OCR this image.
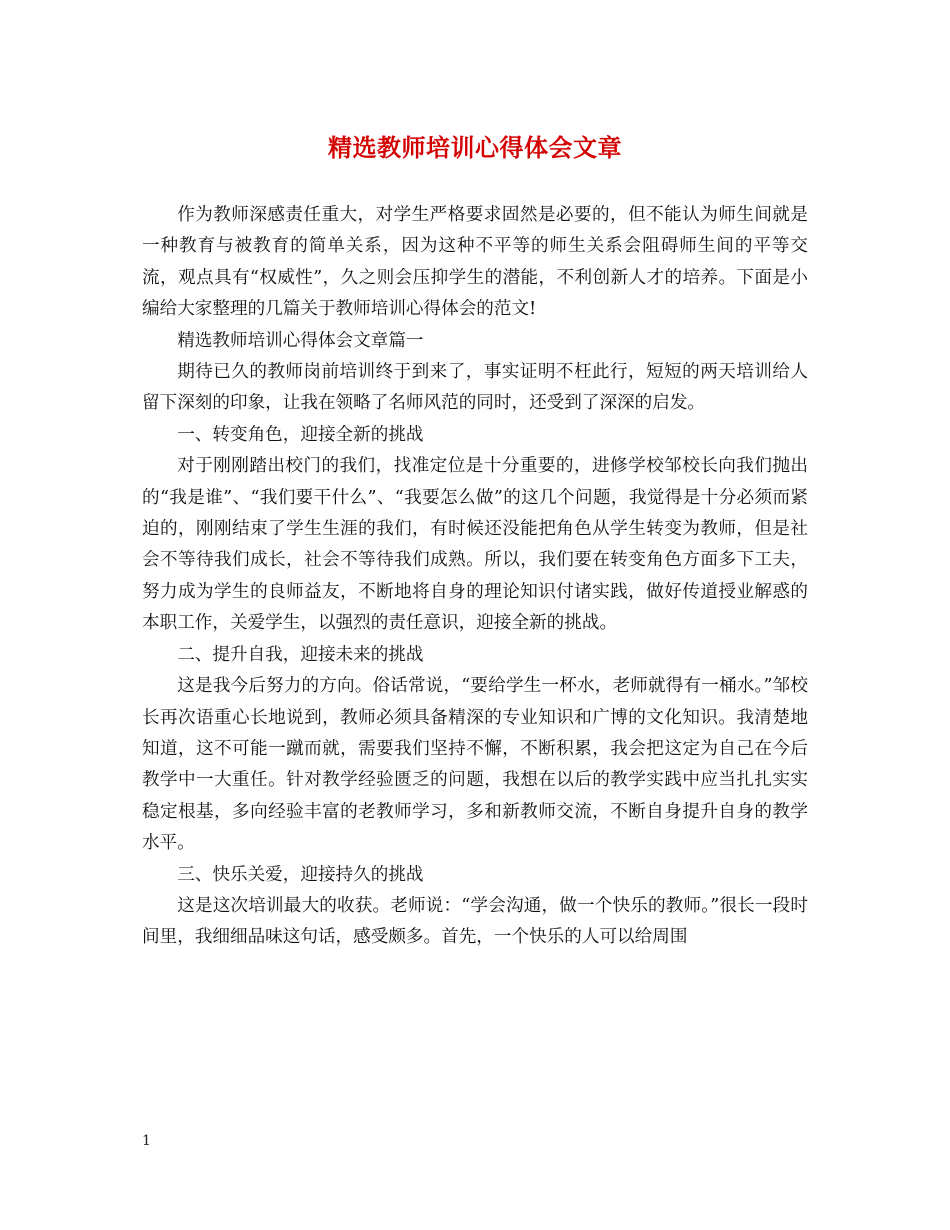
精选教师培训心得体会文章

作为教师深感责任重大，对学生严格要求固然是必要的，但不能认为师生间就是一种教育与被教育的简单关系，因为这种不平等的师生关系会阻碍师生间的平等交流，观点具有“权威性”，久之则会压抑学生的潜能，不利创新人才的培养。下面是小编给大家整理的几篇关于教师培训心得体会的范文!

精选教师培训心得体会文章篇一

期待已久的教师岗前培训终于到来了，事实证明不枉此行，短短的两天培训给人留下深刻的印象，让我在领略了名师风范的同时，还受到了深深的启发。

一、转变角色，迎接全新的挑战

对于刚刚踏出校门的我们，找准定位是十分重要的，进修学校邹校长向我们抛出的“我是谁”、“我们要干什么”、“我要怎么做”的这几个问题，我觉得是十分必须而紧迫的，刚刚结束了学生生涯的我们，有时候还没能把角色从学生转变为教师，但是社会不等待我们成长，社会不等待我们成熟。所以，我们要在转变角色方面多下工夫，努力成为学生的良师益友，不断地将自身的理论知识付诸实践，做好传道授业解惑的本职工作，关爱学生，以强烈的责任意识，迎接全新的挑战。

二、提升自我，迎接未来的挑战

这是我今后努力的方向。俗话常说，“要给学生一杯水，老师就得有一桶水。”邹校长再次语重心长地说到，教师必须具备精深的专业知识和广博的文化知识。我清楚地知道，这不可能一蹴而就，需要我们坚持不懈，不断积累，我会把这定为自己在今后教学中一大重任。针对教学经验匮乏的问题，我想在以后的教学实践中应当扎扎实实稳定根基，多向经验丰富的老教师学习，多和新教师交流，不断自身提升自身的教学水平。

三、快乐关爱，迎接持久的挑战

这是这次培训最大的收获。老师说：“学会沟通，做一个快乐的教师。”很长一段时间里，我细细品味这句话，感受颇多。首先，一个快乐的人可以给周围

1
